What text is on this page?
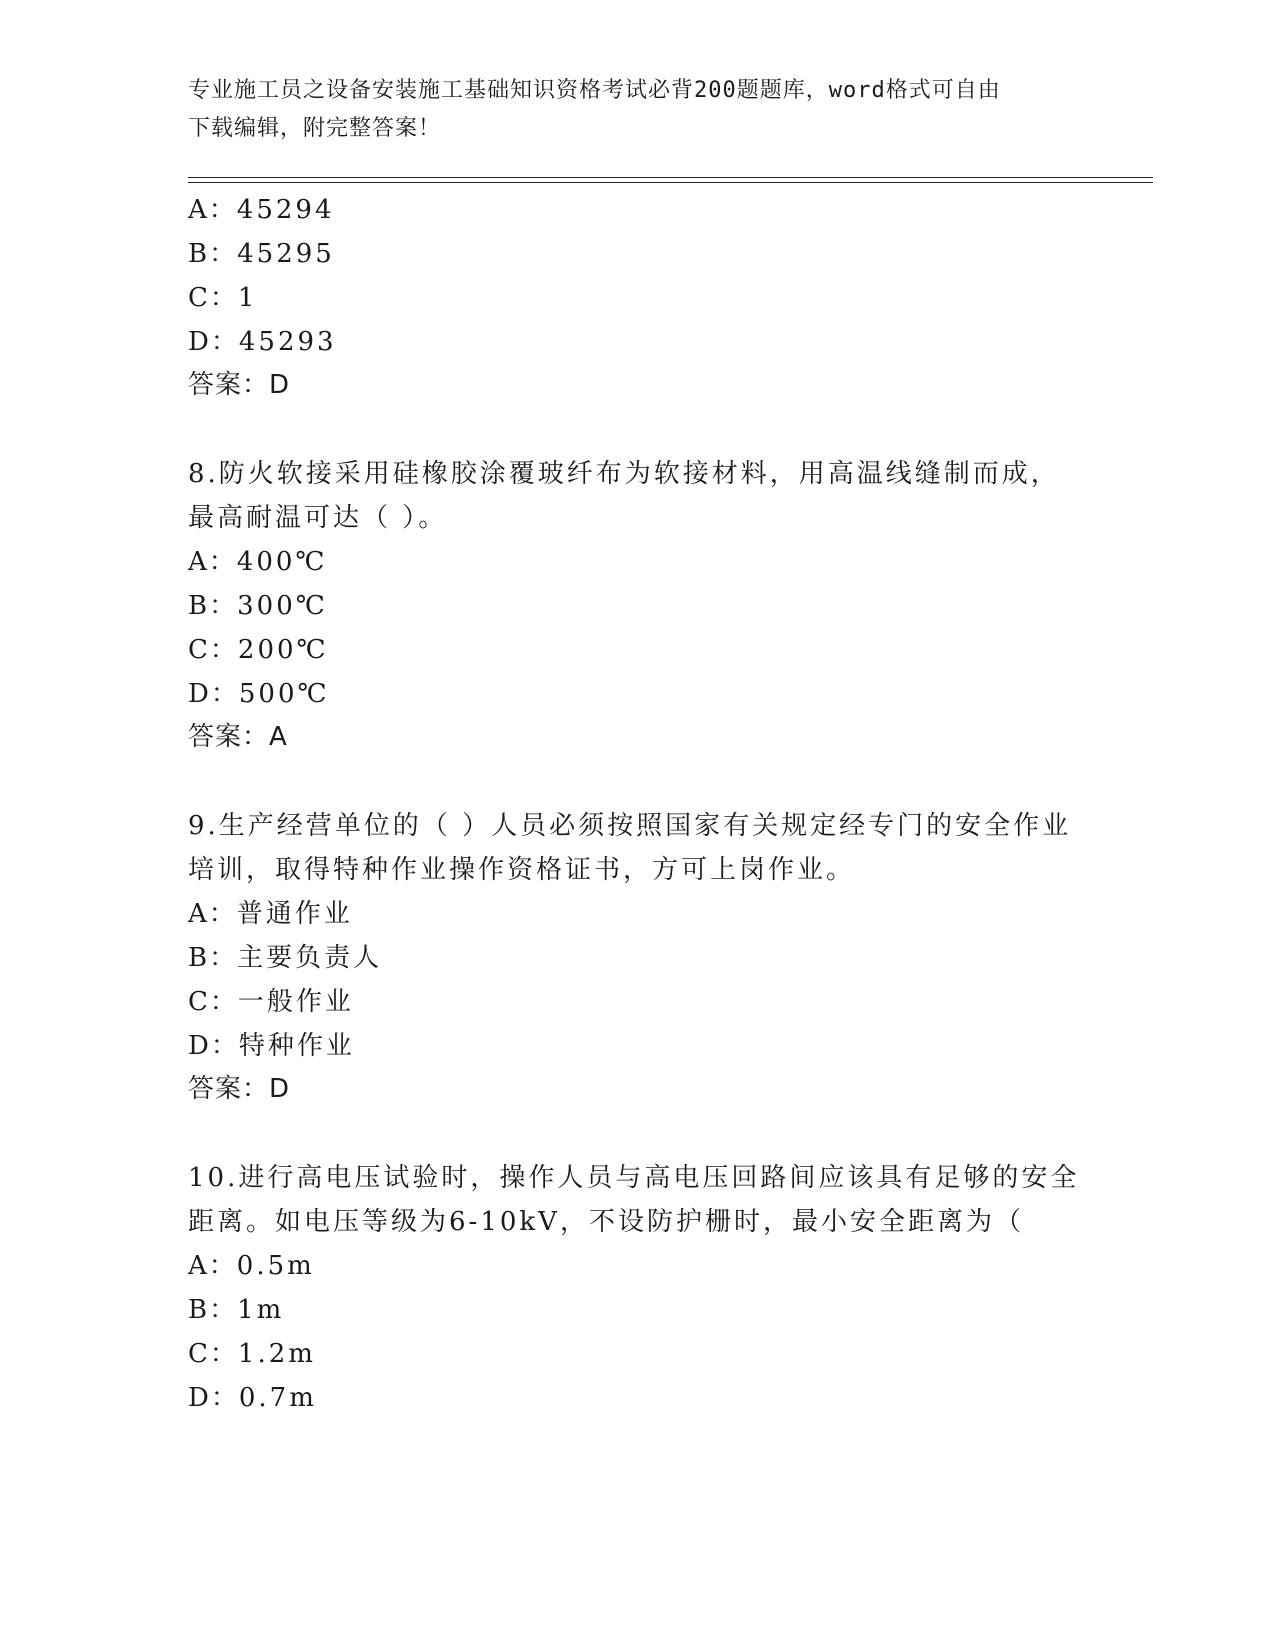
专业施工员之设备安装施工基础知识资格考试必背200题题库，word格式可自由
下载编辑，附完整答案！
A：45294
B：45295
C：1
D：45293
答案：D
8.防火软接采用硅橡胶涂覆玻纤布为软接材料，用高温线缝制而成，
最高耐温可达（ ）。
A：400℃
B：300℃
C：200℃
D：500℃
答案：A
9.生产经营单位的（ ）人员必须按照国家有关规定经专门的安全作业
培训，取得特种作业操作资格证书，方可上岗作业。
A：普通作业
B：主要负责人
C：一般作业
D：特种作业
答案：D
10.进行高电压试验时，操作人员与高电压回路间应该具有足够的安全
距离。如电压等级为6-10kV，不设防护栅时，最小安全距离为（
A：0.5m
B：1m
C：1.2m
D：0.7m
